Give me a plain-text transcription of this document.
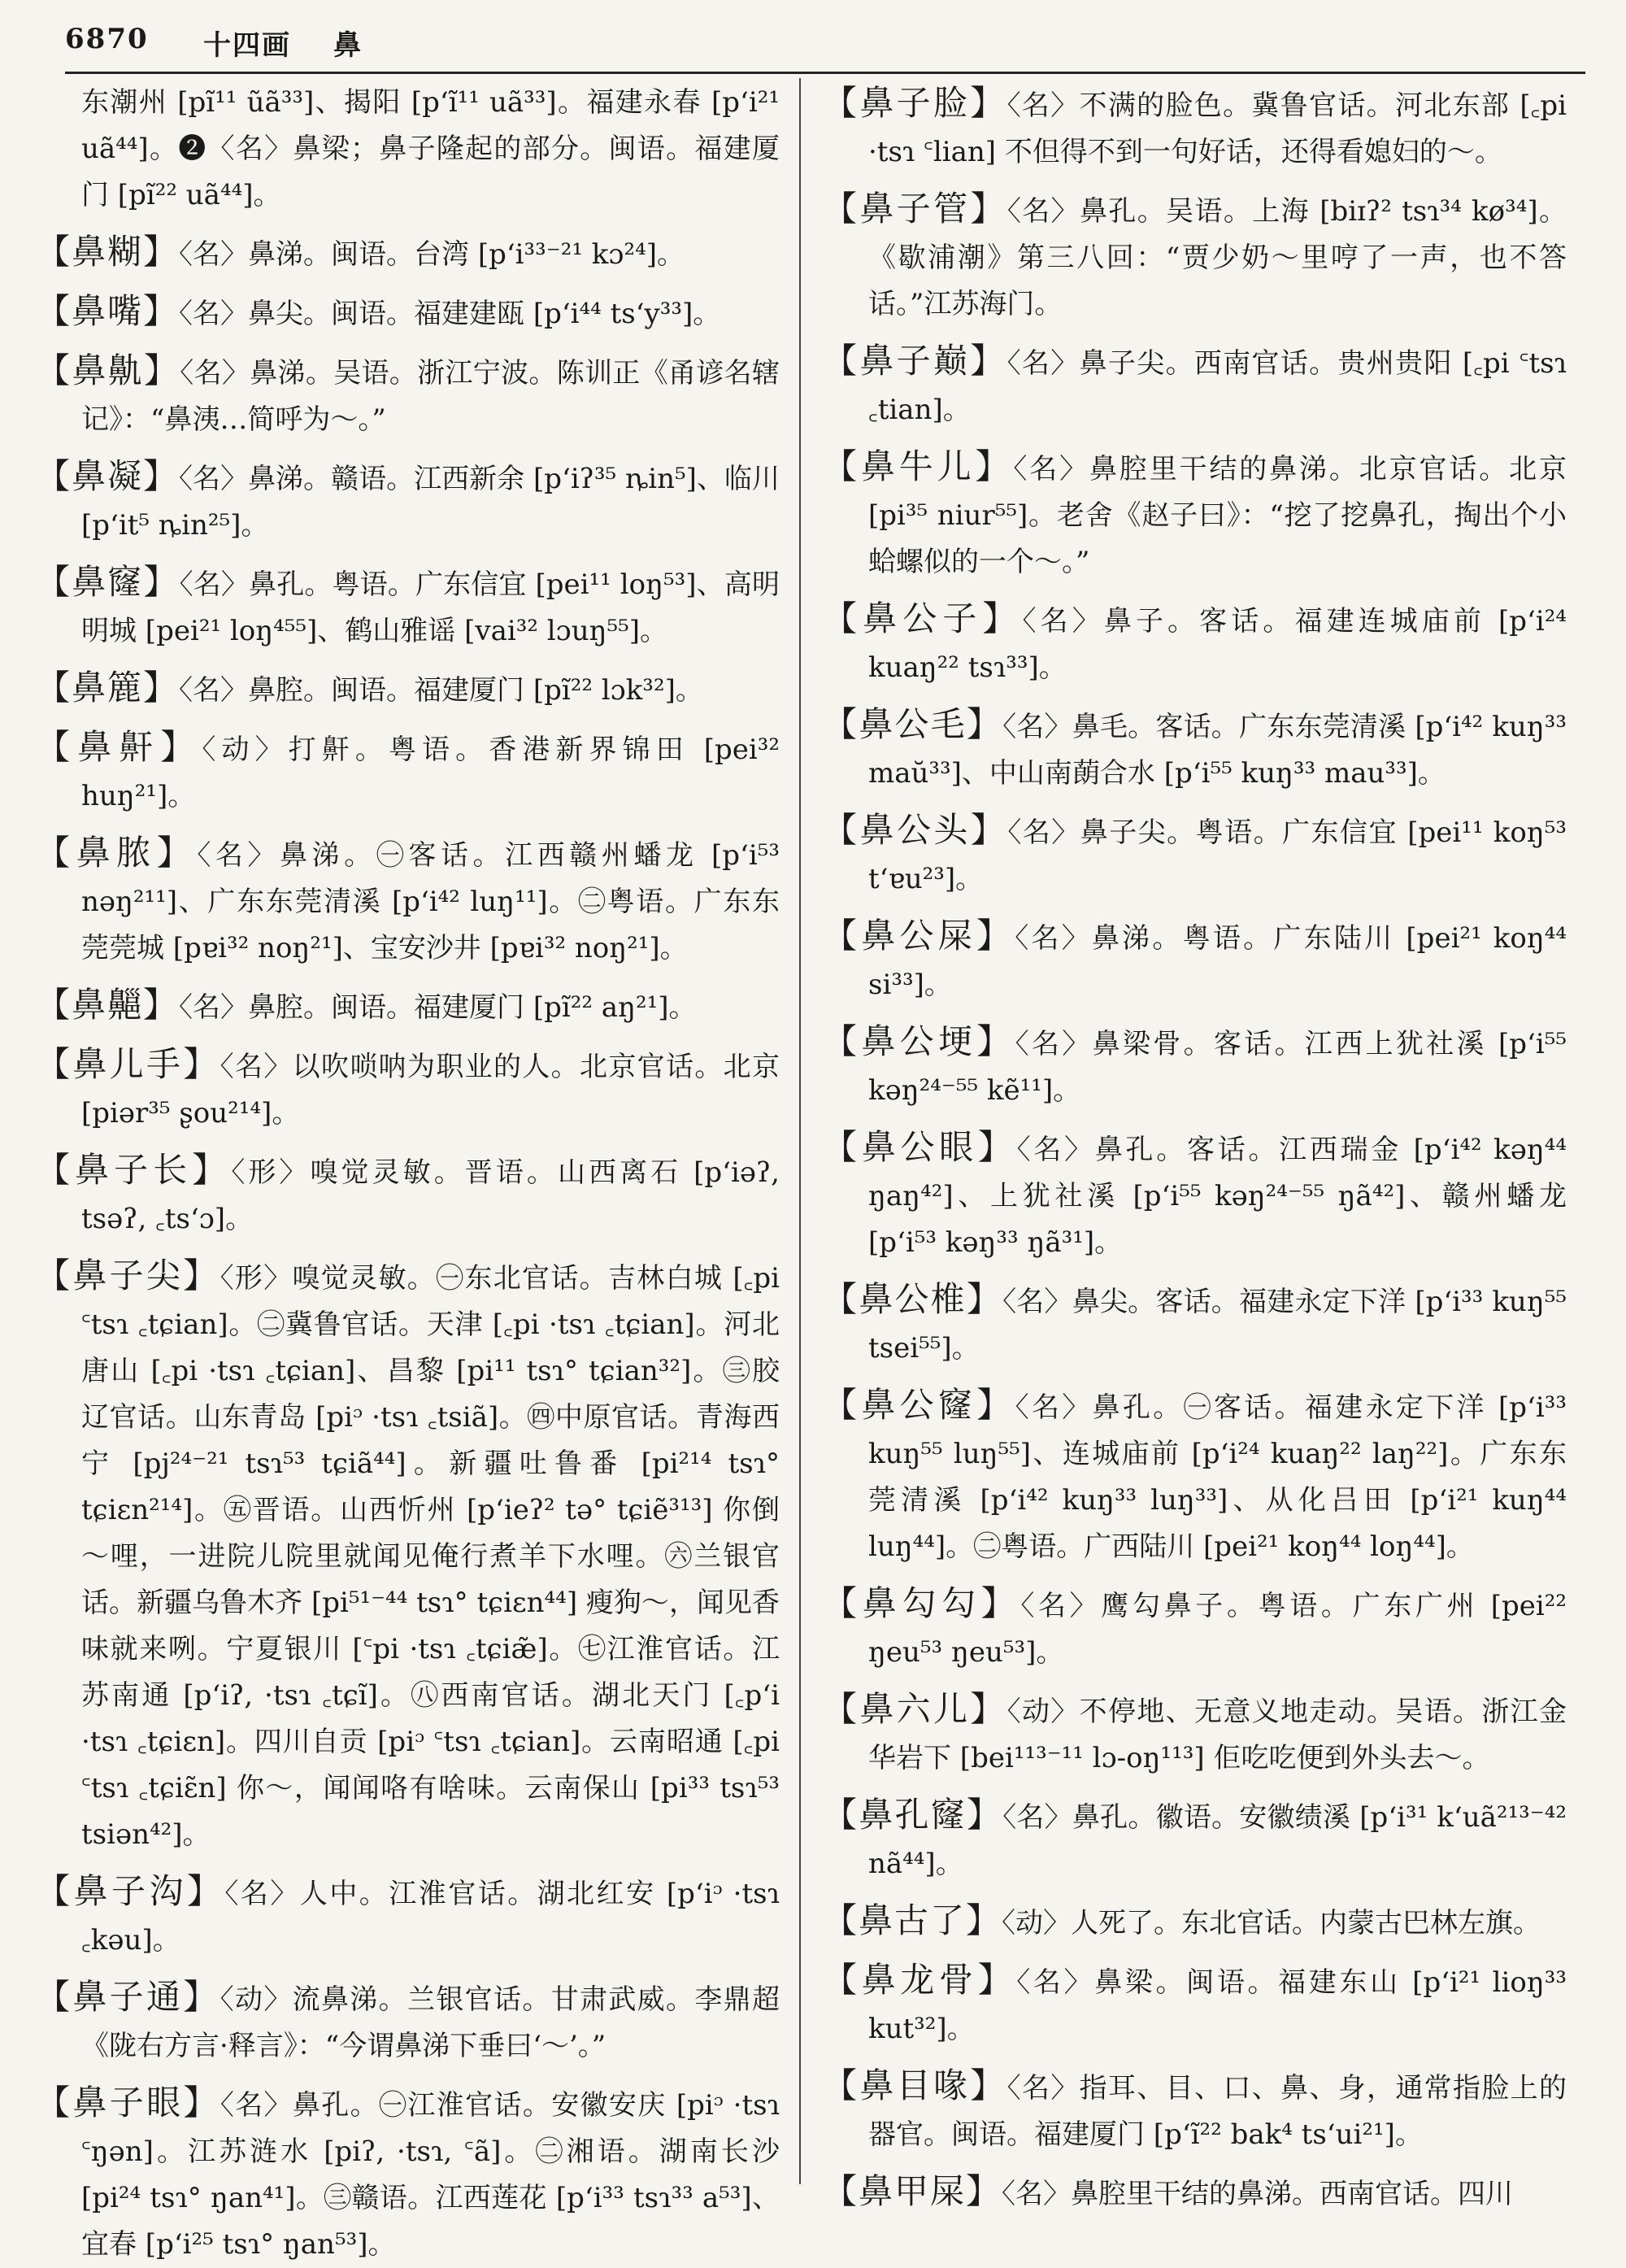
6870 十四画 鼻
东潮州 [pĩ¹¹ ũã³³]、揭阳 [pʻĩ¹¹ uã³³]。福建永春 [pʻi²¹ uã⁴⁴]。❷〈名〉鼻梁；鼻子隆起的部分。闽语。福建厦门 [pĩ²² uã⁴⁴]。
【鼻糊】〈名〉鼻涕。闽语。台湾 [pʻi³³⁻²¹ kɔ²⁴]。
【鼻嘴】〈名〉鼻尖。闽语。福建建瓯 [pʻi⁴⁴ tsʻy³³]。
【鼻鼽】〈名〉鼻涕。吴语。浙江宁波。陈训正《甬谚名辖记》：“鼻洟…简呼为～。”
【鼻凝】〈名〉鼻涕。赣语。江西新余 [pʻiʔ³⁵ ȵin⁵]、临川 [pʻit⁵ ȵin²⁵]。
【鼻窿】〈名〉鼻孔。粤语。广东信宜 [pei¹¹ loŋ⁵³]、高明明城 [pei²¹ loŋ⁴⁵⁵]、鹤山雅谣 [vai³² lɔuŋ⁵⁵]。
【鼻簏】〈名〉鼻腔。闽语。福建厦门 [pĩ²² lɔk³²]。
【鼻鼾】〈动〉打鼾。粤语。香港新界锦田 [pei³² huŋ²¹]。
【鼻脓】〈名〉鼻涕。㊀客话。江西赣州蟠龙 [pʻi⁵³ nəŋ²¹¹]、广东东莞清溪 [pʻi⁴² luŋ¹¹]。㊁粤语。广东东莞莞城 [pɐi³² noŋ²¹]、宝安沙井 [pɐi³² noŋ²¹]。
【鼻齆】〈名〉鼻腔。闽语。福建厦门 [pĩ²² aŋ²¹]。
【鼻儿手】〈名〉以吹唢呐为职业的人。北京官话。北京 [piər³⁵ ʂou²¹⁴]。
【鼻子长】〈形〉嗅觉灵敏。晋语。山西离石 [pʻiəʔ, tsəʔ, ꜀tsʻɔ]。
【鼻子尖】〈形〉嗅觉灵敏。㊀东北官话。吉林白城 [꜀pi ꜂tsɿ ꜀tɕian]。㊁冀鲁官话。天津 [꜀pi ·tsɿ ꜀tɕian]。河北唐山 [꜀pi ·tsɿ ꜀tɕian]、昌黎 [pi¹¹ tsɿ° tɕian³²]。㊂胶辽官话。山东青岛 [piᵓ ·tsɿ ꜀tsiã]。㊃中原官话。青海西宁 [pj²⁴⁻²¹ tsɿ⁵³ tɕiã⁴⁴]。新疆吐鲁番 [pi²¹⁴ tsɿ° tɕiɛn²¹⁴]。㊄晋语。山西忻州 [pʻieʔ² tə° tɕiẽ³¹³] 你倒～哩，一进院儿院里就闻见俺行煮羊下水哩。㊅兰银官话。新疆乌鲁木齐 [pi⁵¹⁻⁴⁴ tsɿ° tɕiɛn⁴⁴] 瘦狗～，闻见香味就来咧。宁夏银川 [꜂pi ·tsɿ ꜀tɕiæ̃]。㊆江淮官话。江苏南通 [pʻiʔ, ·tsɿ ꜀tɕĩ]。㊇西南官话。湖北天门 [꜀pʻi ·tsɿ ꜀tɕiɛn]。四川自贡 [piᵓ ꜂tsɿ ꜀tɕian]。云南昭通 [꜀pi ꜂tsɿ ꜀tɕiɛ̃n] 你～，闻闻咯有啥味。云南保山 [pi³³ tsɿ⁵³ tsiən⁴²]。
【鼻子沟】〈名〉人中。江淮官话。湖北红安 [pʻiᵓ ·tsɿ ꜀kəu]。
【鼻子通】〈动〉流鼻涕。兰银官话。甘肃武威。李鼎超《陇右方言·释言》：“今谓鼻涕下垂曰‘～’。”
【鼻子眼】〈名〉鼻孔。㊀江淮官话。安徽安庆 [piᵓ ·tsɿ ꜂ŋən]。江苏涟水 [piʔ, ·tsɿ, ꜂ã]。㊁湘语。湖南长沙 [pi²⁴ tsɿ° ŋan⁴¹]。㊂赣语。江西莲花 [pʻi³³ tsɿ³³ a⁵³]、宜春 [pʻi²⁵ tsɿ° ŋan⁵³]。
【鼻子脸】〈名〉不满的脸色。冀鲁官话。河北东部 [꜀pi ·tsɿ ꜂lian] 不但得不到一句好话，还得看媳妇的～。
【鼻子管】〈名〉鼻孔。吴语。上海 [biɪʔ² tsɿ³⁴ kø³⁴]。《歇浦潮》第三八回：“贾少奶～里哼了一声，也不答话。”江苏海门。
【鼻子巅】〈名〉鼻子尖。西南官话。贵州贵阳 [꜀pi ꜂tsɿ ꜀tian]。
【鼻牛儿】〈名〉鼻腔里干结的鼻涕。北京官话。北京 [pi³⁵ niur⁵⁵]。老舍《赵子曰》：“挖了挖鼻孔，掏出个小蛤螺似的一个～。”
【鼻公子】〈名〉鼻子。客话。福建连城庙前 [pʻi²⁴ kuaŋ²² tsɿ³³]。
【鼻公毛】〈名〉鼻毛。客话。广东东莞清溪 [pʻi⁴² kuŋ³³ maŭ³³]、中山南蓢合水 [pʻi⁵⁵ kuŋ³³ mau³³]。
【鼻公头】〈名〉鼻子尖。粤语。广东信宜 [pei¹¹ koŋ⁵³ tʻɐu²³]。
【鼻公屎】〈名〉鼻涕。粤语。广东陆川 [pei²¹ koŋ⁴⁴ si³³]。
【鼻公埂】〈名〉鼻梁骨。客话。江西上犹社溪 [pʻi⁵⁵ kəŋ²⁴⁻⁵⁵ kẽ¹¹]。
【鼻公眼】〈名〉鼻孔。客话。江西瑞金 [pʻi⁴² kəŋ⁴⁴ ŋaŋ⁴²]、上犹社溪 [pʻi⁵⁵ kəŋ²⁴⁻⁵⁵ ŋã⁴²]、赣州蟠龙 [pʻi⁵³ kəŋ³³ ŋã³¹]。
【鼻公椎】〈名〉鼻尖。客话。福建永定下洋 [pʻi³³ kuŋ⁵⁵ tsei⁵⁵]。
【鼻公窿】〈名〉鼻孔。㊀客话。福建永定下洋 [pʻi³³ kuŋ⁵⁵ luŋ⁵⁵]、连城庙前 [pʻi²⁴ kuaŋ²² laŋ²²]。广东东莞清溪 [pʻi⁴² kuŋ³³ luŋ³³]、从化吕田 [pʻi²¹ kuŋ⁴⁴ luŋ⁴⁴]。㊁粤语。广西陆川 [pei²¹ koŋ⁴⁴ loŋ⁴⁴]。
【鼻勾勾】〈名〉鹰勾鼻子。粤语。广东广州 [pei²² ŋeu⁵³ ŋeu⁵³]。
【鼻六儿】〈动〉不停地、无意义地走动。吴语。浙江金华岩下 [bei¹¹³⁻¹¹ lɔ-oŋ¹¹³] 佢吃吃便到外头去～。
【鼻孔窿】〈名〉鼻孔。徽语。安徽绩溪 [pʻi³¹ kʻuã²¹³⁻⁴² nã⁴⁴]。
【鼻古了】〈动〉人死了。东北官话。内蒙古巴林左旗。
【鼻龙骨】〈名〉鼻梁。闽语。福建东山 [pʻi²¹ lioŋ³³ kut³²]。
【鼻目喙】〈名〉指耳、目、口、鼻、身，通常指脸上的器官。闽语。福建厦门 [pʻĩ²² bak⁴ tsʻui²¹]。
【鼻甲屎】〈名〉鼻腔里干结的鼻涕。西南官话。四川
